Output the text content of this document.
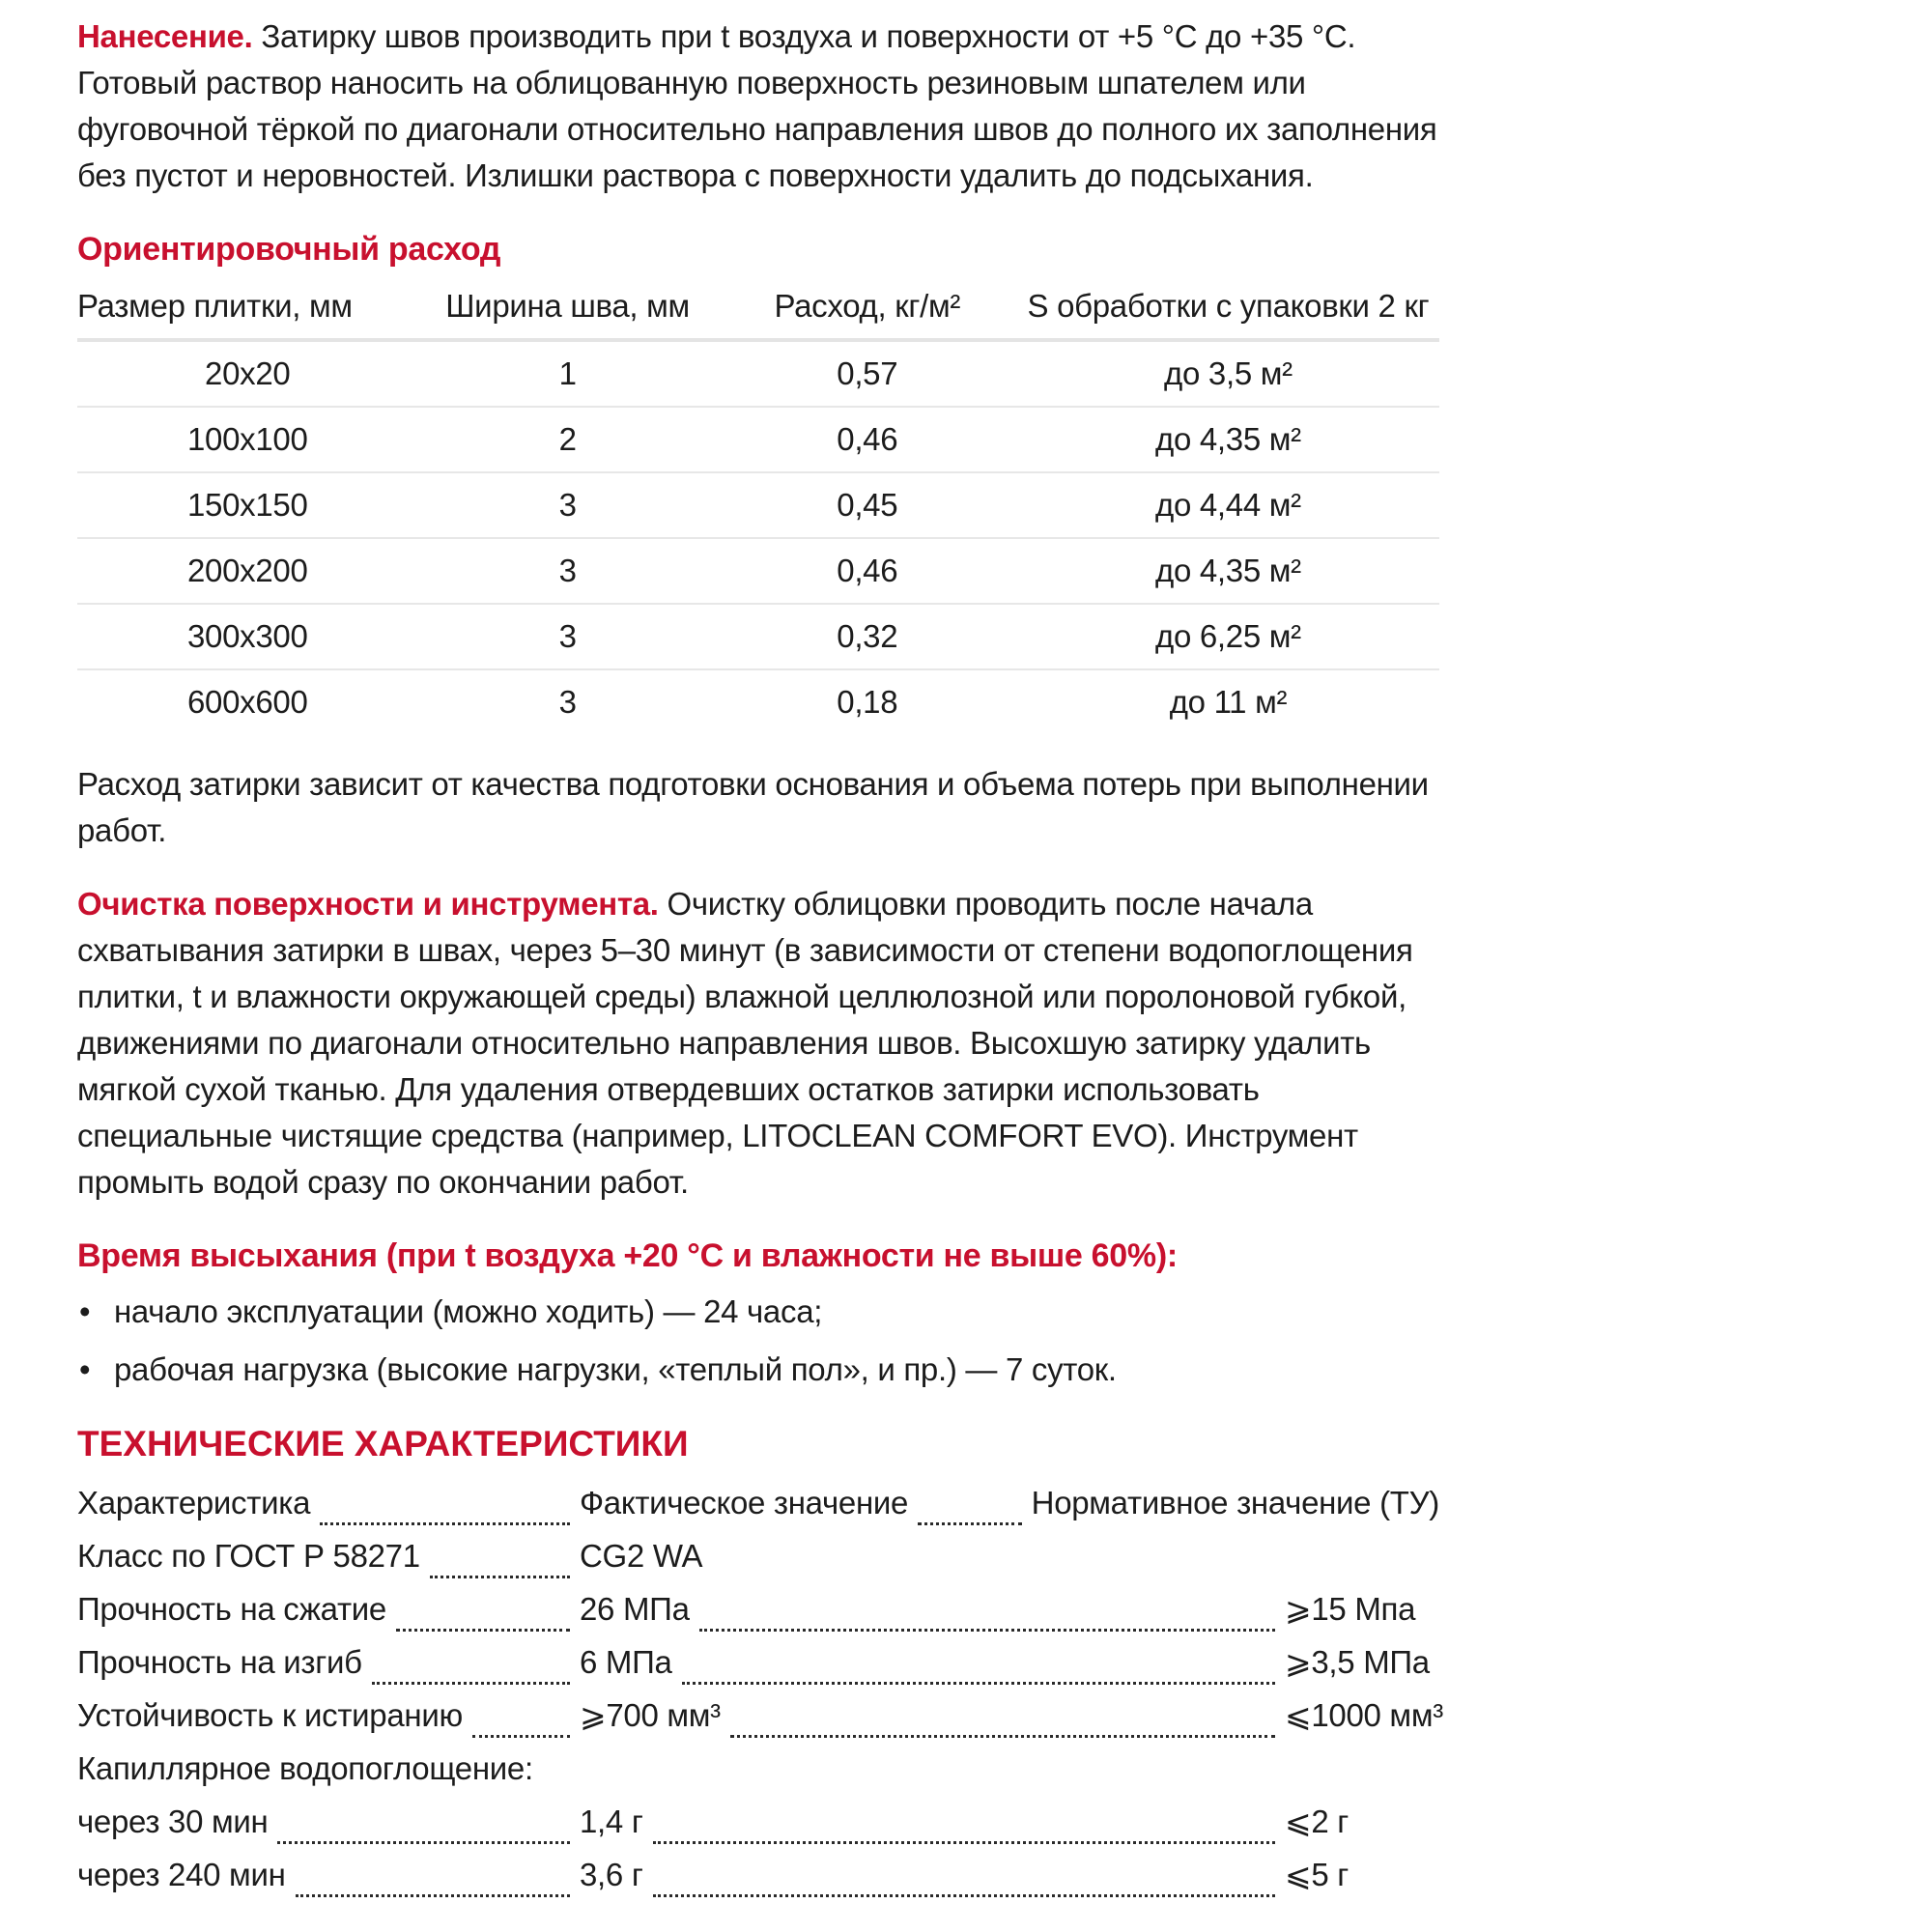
Нанесение. Затирку швов производить при t воздуха и поверхности от +5 °C до +35 °C. Готовый раствор наносить на облицованную поверхность резиновым шпателем или фуговочной тёркой по диагонали относительно направления швов до полного их заполнения без пустот и неровностей. Излишки раствора с поверхности удалить до подсыхания.

Ориентировочный расход
Размер плитки, мм	Ширина шва, мм	Расход, кг/м²	S обработки с упаковки 2 кг
20х20	1	0,57	до 3,5 м²
100х100	2	0,46	до 4,35 м²
150х150	3	0,45	до 4,44 м²
200х200	3	0,46	до 4,35 м²
300х300	3	0,32	до 6,25 м²
600х600	3	0,18	до 11 м²

Расход затирки зависит от качества подготовки основания и объема потерь при выполнении работ.

Очистка поверхности и инструмента. Очистку облицовки проводить после начала схватывания затирки в швах, через 5–30 минут (в зависимости от степени водопоглощения плитки, t и влажности окружающей среды) влажной целлюлозной или поролоновой губкой, движениями по диагонали относительно направления швов. Высохшую затирку удалить мягкой сухой тканью. Для удаления отвердевших остатков затирки использовать специальные чистящие средства (например, LITOCLEAN COMFORT EVO). Инструмент промыть водой сразу по окончании работ.

Время высыхания (при t воздуха +20 °C и влажности не выше 60%):

• начало эксплуатации (можно ходить) — 24 часа;

• рабочая нагрузка (высокие нагрузки, «теплый пол», и пр.) — 7 суток.

ТЕХНИЧЕСКИЕ ХАРАКТЕРИСТИКИ
Характеристика	Фактическое значение	Нормативное значение (ТУ)
Класс по ГОСТ Р 58271	CG2 WA
Прочность на сжатие	26 МПа	⩾15 Мпа
Прочность на изгиб	6 МПа	⩾3,5 МПа
Устойчивость к истиранию	⩾700 мм³	⩽1000 мм³
Капиллярное водопоглощение:
через 30 мин	1,4 г	⩽2 г
через 240 мин	3,6 г	⩽5 г
